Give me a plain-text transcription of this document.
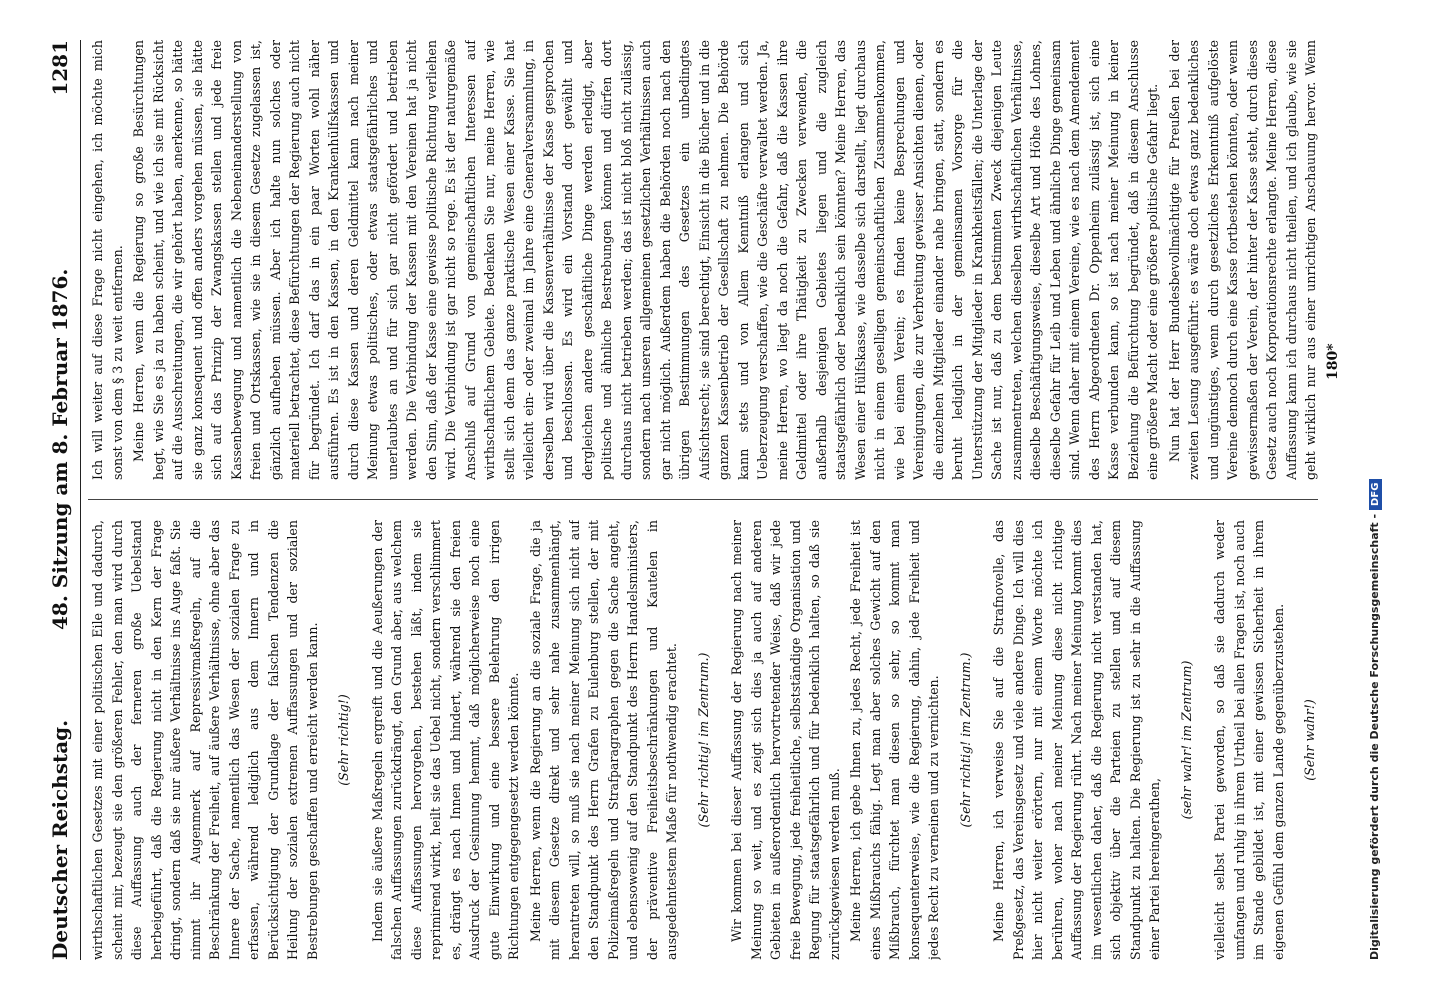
Deutscher Reichstag.
48. Sitzung am 8. Februar 1876.
1281

wirthschaftlichen Gesetzes mit einer politischen Eile und dadurch, scheint mir, bezeugt sie den größeren Fehler, den man wird durch diese Auffassung auch der ferneren große Uebelstand herbeigeführt, daß die Regierung nicht in den Kern der Frage dringt, sondern daß sie nur äußere Verhältnisse ins Auge faßt. Sie nimmt ihr Augenmerk auf Repressivmaßregeln, auf die Beschränkung der Freiheit, auf äußere Verhältnisse, ohne aber das Innere der Sache, namentlich das Wesen der sozialen Frage zu erfassen, während lediglich aus dem Innern und in Berücksichtigung der Grundlage der falschen Tendenzen die Heilung der sozialen extremen Auffassungen und der sozialen Bestrebungen geschaffen und erreicht werden kann. (Sehr richtig!) Indem sie äußere Maßregeln ergreift und die Aeußerungen der falschen Auffassungen zurückdrängt, den Grund aber, aus welchem diese Auffassungen hervorgehen, bestehen läßt, indem sie reprimirend wirkt, heilt sie das Uebel nicht, sondern verschlimmert es, drängt es nach Innen und hindert, während sie den freien Ausdruck der Gesinnung hemmt, daß möglicherweise noch eine gute Einwirkung und eine bessere Belehrung den irrigen Richtungen entgegengesetzt werden könnte. Meine Herren, wenn die Regierung an die soziale Frage, die ja mit diesem Gesetze direkt und sehr nahe zusammenhängt, herantreten will, so muß sie nach meiner Meinung sich nicht auf den Standpunkt des Herrn Grafen zu Eulenburg stellen, der mit Polizeimaßregeln und Strafparagraphen gegen die Sache angeht, und ebensowenig auf den Standpunkt des Herrn Handelsministers, der präventive Freiheitsbeschränkungen und Kautelen in ausgedehntestem Maße für nothwendig erachtet. (Sehr richtig! im Zentrum.) Wir kommen bei dieser Auffassung der Regierung nach meiner Meinung so weit, und es zeigt sich dies ja auch auf anderen Gebieten in außerordentlich hervortretender Weise, daß wir jede freie Bewegung, jede freiheitliche, selbstständige Organisation und Regung für staatsgefährlich und für bedenklich halten, so daß sie zurückgewiesen werden muß. Meine Herren, ich gebe Ihnen zu, jedes Recht, jede Freiheit ist eines Mißbrauchs fähig. Legt man aber solches Gewicht auf den Mißbrauch, fürchtet man diesen so sehr, so kommt man konsequenterweise, wie die Regierung, dahin, jede Freiheit und jedes Recht zu verneinen und zu vernichten. (Sehr richtig! im Zentrum.) Meine Herren, ich verweise Sie auf die Strafnovelle, das Preßgesetz, das Vereinsgesetz und viele andere Dinge. Ich will dies hier nicht weiter erörtern, nur mit einem Worte möchte ich berühren, woher nach meiner Meinung diese nicht richtige Auffassung der Regierung rührt. Nach meiner Meinung kommt dies im wesentlichen daher, daß die Regierung nicht verstanden hat, sich objektiv über die Parteien zu stellen und auf diesem Standpunkt zu halten. Die Regierung ist zu sehr in die Auffassung einer Partei hereingerathen,

(sehr wahr! im Zentrum) vielleicht selbst Partei geworden, so daß sie dadurch weder umfangen und ruhig in ihrem Urtheil bei allen Fragen ist, noch auch im Stande gebildet ist, mit einer gewissen Sicherheit in ihrem eigenen Gefühl dem ganzen Lande gegenüberzustehen. (Sehr wahr!)

Ich will weiter auf diese Frage nicht eingehen, ich möchte mich sonst von dem § 3 zu weit entfernen. Meine Herren, wenn die Regierung so große Besürchtungen hegt, wie Sie es ja zu haben scheint, und wie ich sie mit Rücksicht auf die Ausschreitungen, die wir gehört haben, anerkenne, so hätte sie ganz konsequent und offen anders vorgehen müssen, sie hätte sich auf das Prinzip der Zwangskassen stellen und jede freie Kassenbewegung und namentlich die Nebeneinanderstellung von freien und Ortskassen, wie sie in diesem Gesetze zugelassen ist, gänzlich aufheben müssen. Aber ich halte nun solches oder materiell betrachtet, diese Befürchtungen der Regierung auch nicht für begründet. Ich darf das in ein paar Worten wohl näher ausführen. Es ist in den Kassen, in den Krankenhülfskassen und durch diese Kassen und deren Geldmittel kann nach meiner Meinung etwas politisches, oder etwas staatsgefährliches und unerlaubtes an und für sich gar nicht gefördert und betrieben werden. Die Verbindung der Kassen mit den Vereinen hat ja nicht den Sinn, daß der Kasse eine gewisse politische Richtung verliehen wird. Die Verbindung ist gar nicht so rege. Es ist der naturgemäße Anschluß auf Grund von gemeinschaftlichen Interessen auf wirthschaftlichem Gebiete. Bedenken Sie nur, meine Herren, wie stellt sich denn das ganze praktische Wesen einer Kasse. Sie hat vielleicht ein- oder zweimal im Jahre eine Generalversammlung, in derselben wird über die Kassenverhältnisse der Kasse gesprochen und beschlossen. Es wird ein Vorstand dort gewählt und dergleichen andere geschäftliche Dinge werden erledigt, aber politische und ähnliche Bestrebungen können und dürfen dort durchaus nicht betrieben werden; das ist nicht bloß nicht zulässig, sondern nach unseren allgemeinen gesetzlichen Verhältnissen auch gar nicht möglich. Außerdem haben die Behörden noch nach den übrigen Bestimmungen des Gesetzes ein unbedingtes Aufsichtsrecht; sie sind berechtigt, Einsicht in die Bücher und in die ganzen Kassenbetrieb der Gesellschaft zu nehmen. Die Behörde kann stets und von Allem Kenntniß erlangen und sich Ueberzeugung verschaffen, wie die Geschäfte verwaltet werden. Ja, meine Herren, wo liegt da noch die Gefahr, daß die Kassen ihre Geldmittel oder ihre Thätigkeit zu Zwecken verwenden, die außerhalb desjenigen Gebietes liegen und die zugleich staatsgefährlich oder bedenklich sein könnten? Meine Herren, das Wesen einer Hülfskasse, wie dasselbe sich darstellt, liegt durchaus nicht in einem geselligen gemeinschaftlichen Zusammenkommen, wie bei einem Verein; es finden keine Besprechungen und Vereinigungen, die zur Verbreitung gewisser Ansichten dienen, oder die einzelnen Mitglieder einander nahe bringen, statt, sondern es beruht lediglich in der gemeinsamen Vorsorge für die Unterstützung der Mitglieder in Krankheitsfällen; die Unterlage der Sache ist nur, daß zu dem bestimmten Zweck diejenigen Leute zusammentreten, welchen dieselben wirthschaftlichen Verhältnisse, dieselbe Beschäftigungsweise, dieselbe Art und Höhe des Lohnes, dieselbe Gefahr für Leib und Leben und ähnliche Dinge gemeinsam sind. Wenn daher mit einem Vereine, wie es nach dem Amendement des Herrn Abgeordneten Dr. Oppenheim zulässig ist, sich eine Kasse verbunden kann, so ist nach meiner Meinung in keiner Beziehung die Befürchtung begründet, daß in diesem Anschlusse eine größere Macht oder eine größere politische Gefahr liegt. Nun hat der Herr Bundesbevollmächtigte für Preußen bei der zweiten Lesung ausgeführt: es wäre doch etwas ganz bedenkliches und ungünstiges, wenn durch gesetzliches Erkenntniß aufgelöste Vereine dennoch durch eine Kasse fortbestehen könnten, oder wenn gewissermaßen der Verein, der hinter der Kasse steht, durch dieses Gesetz auch noch Korporationsrechte erlangte. Meine Herren, diese Auffassung kann ich durchaus nicht theilen, und ich glaube, wie sie geht wirklich nur aus einer unrichtigen Anschauung hervor. Wenn

180*
Digitalisierung gefördert durch die Deutsche Forschungsgemeinschaft -DFG
